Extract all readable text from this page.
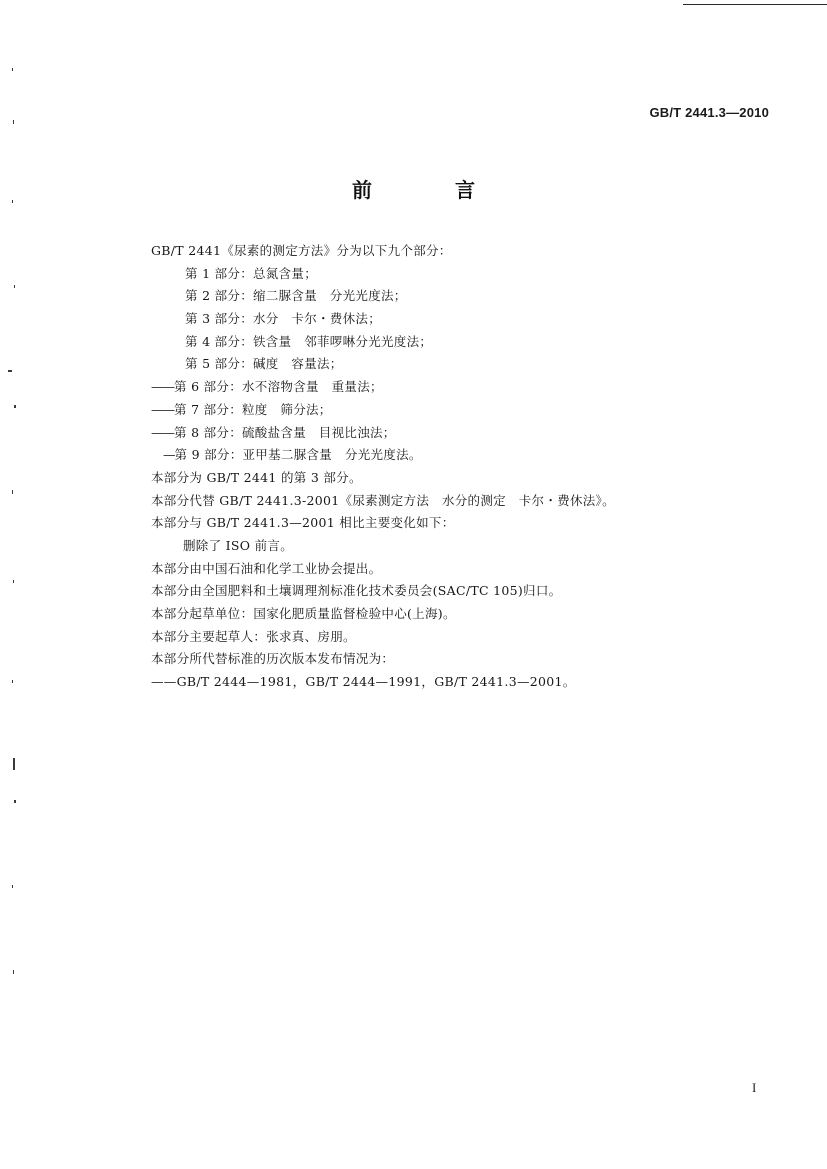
GB/T 2441.3—2010
前 言
GB/T 2441《尿素的测定方法》分为以下九个部分：
第 1 部分：总氮含量；
第 2 部分：缩二脲含量　分光光度法；
第 3 部分：水分　卡尔・费休法；
第 4 部分：铁含量　邻菲啰啉分光光度法；
第 5 部分：碱度　容量法；
——第 6 部分：水不溶物含量　重量法；
——第 7 部分：粒度　筛分法；
——第 8 部分：硫酸盐含量　目视比浊法；
—第 9 部分：亚甲基二脲含量　分光光度法。
本部分为 GB/T 2441 的第 3 部分。
本部分代替 GB/T 2441.3-2001《尿素测定方法　水分的测定　卡尔・费休法》。
本部分与 GB/T 2441.3—2001 相比主要变化如下：
删除了 ISO 前言。
本部分由中国石油和化学工业协会提出。
本部分由全国肥料和土壤调理剂标准化技术委员会(SAC/TC 105)归口。
本部分起草单位：国家化肥质量监督检验中心(上海)。
本部分主要起草人：张求真、房朋。
本部分所代替标准的历次版本发布情况为：
——GB/T 2444—1981，GB/T 2444—1991，GB/T 2441.3—2001。
I
